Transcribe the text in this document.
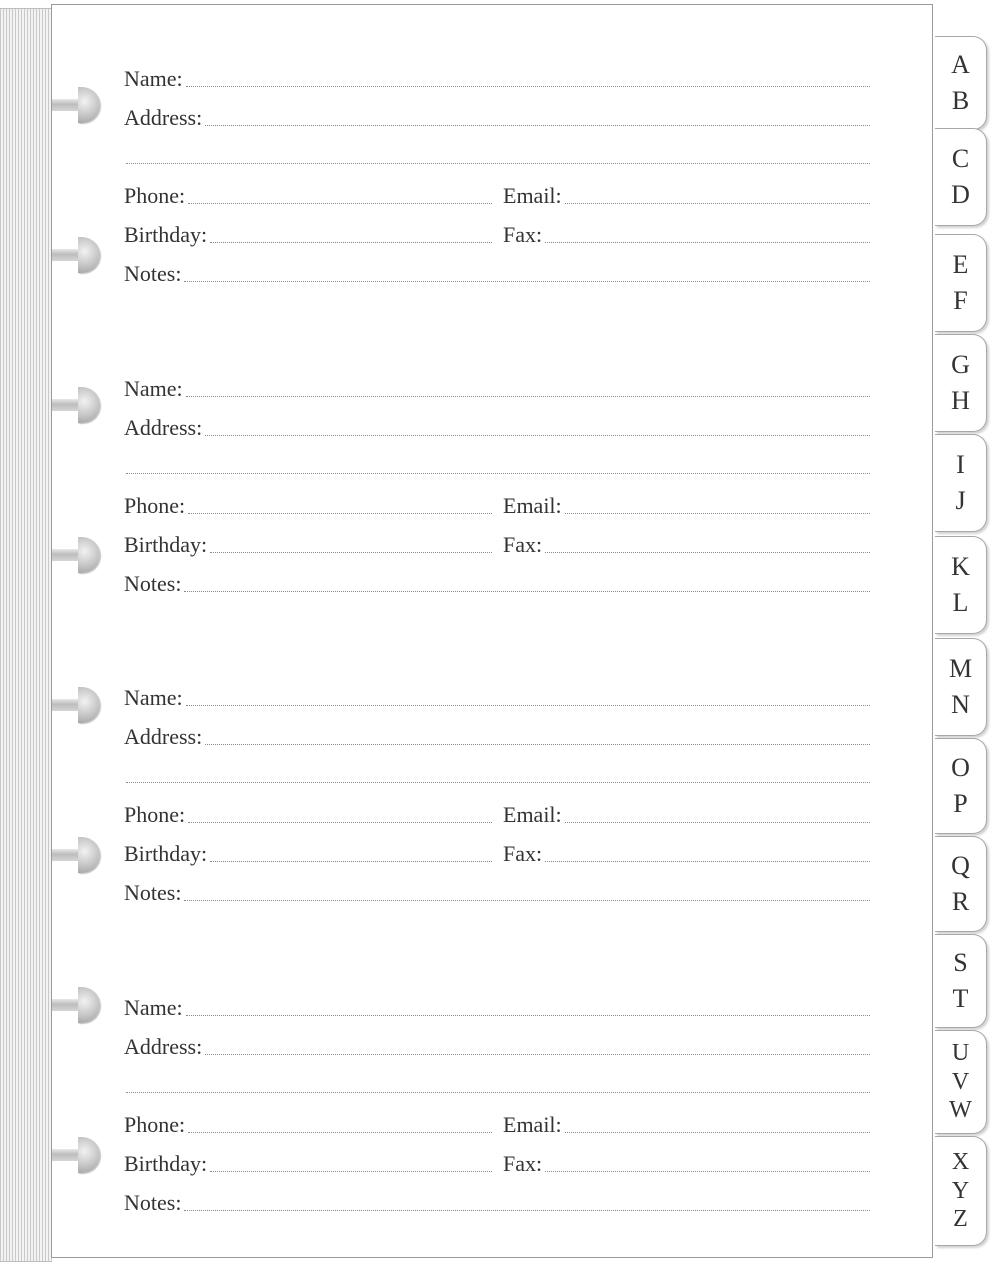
Name:
Address:
Phone:	Email:
Birthday:	Fax:
Notes:
Name:
Address:
Phone:	Email:
Birthday:	Fax:
Notes:
Name:
Address:
Phone:	Email:
Birthday:	Fax:
Notes:
Name:
Address:
Phone:	Email:
Birthday:	Fax:
Notes:
A
B
C
D
E
F
G
H
I
J
K
L
M
N
O
P
Q
R
S
T
U
V
W
X
Y
Z
